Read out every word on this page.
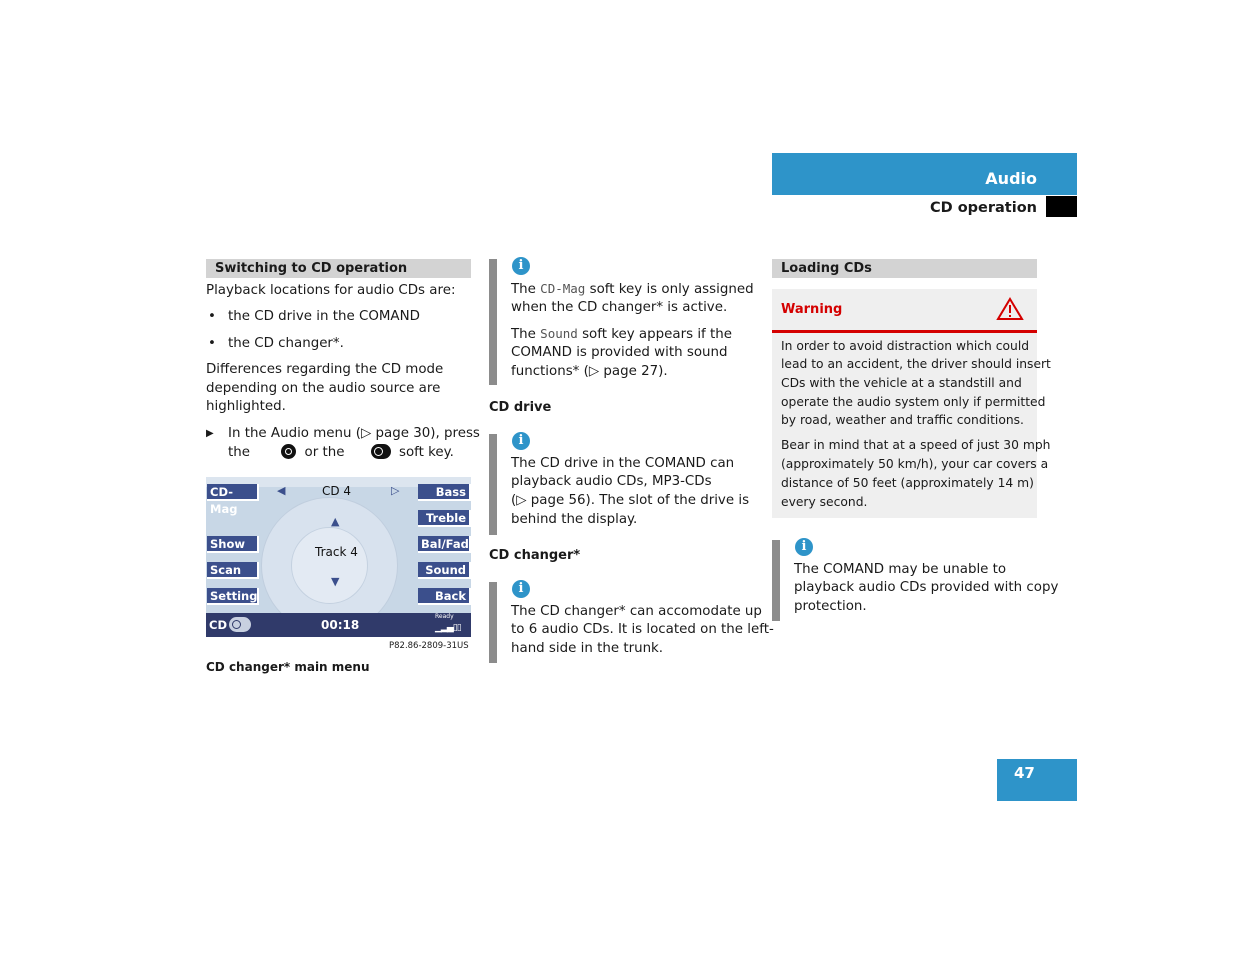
Audio
CD operation
Switching to CD operation

Playback locations for audio CDs are:

• the CD drive in the COMAND
• the CD changer*.

Differences regarding the CD mode

depending on the audio source are

highlighted.

▶ In the Audio menu (▷ page 30), press

the	or the	soft key.
CD-Mag
Show
Scan
Setting
Bass
Treble
Bal/Fad
Sound
Back
◀	CD 4	▷
▲
Track 4
▼
CD	00:18
Ready
▁▂▄▯▯
P82.86-2809-31US
CD changer* main menu
i
The CD-Mag soft key is only assigned

when the CD changer* is active.

The Sound soft key appears if the

COMAND is provided with sound

functions* (▷ page 27).

CD drive
i

The CD drive in the COMAND can

playback audio CDs, MP3-CDs

(▷ page 56). The slot of the drive is

behind the display.

CD changer*
i

The CD changer* can accomodate up

to 6 audio CDs. It is located on the left-

hand side in the trunk.

Loading CDs
Warning

In order to avoid distraction which could

lead to an accident, the driver should insert

CDs with the vehicle at a standstill and

operate the audio system only if permitted

by road, weather and traffic conditions.

Bear in mind that at a speed of just 30 mph

(approximately 50 km/h), your car covers a

distance of 50 feet (approximately 14 m)

every second.

i

The COMAND may be unable to

playback audio CDs provided with copy

protection.

47
